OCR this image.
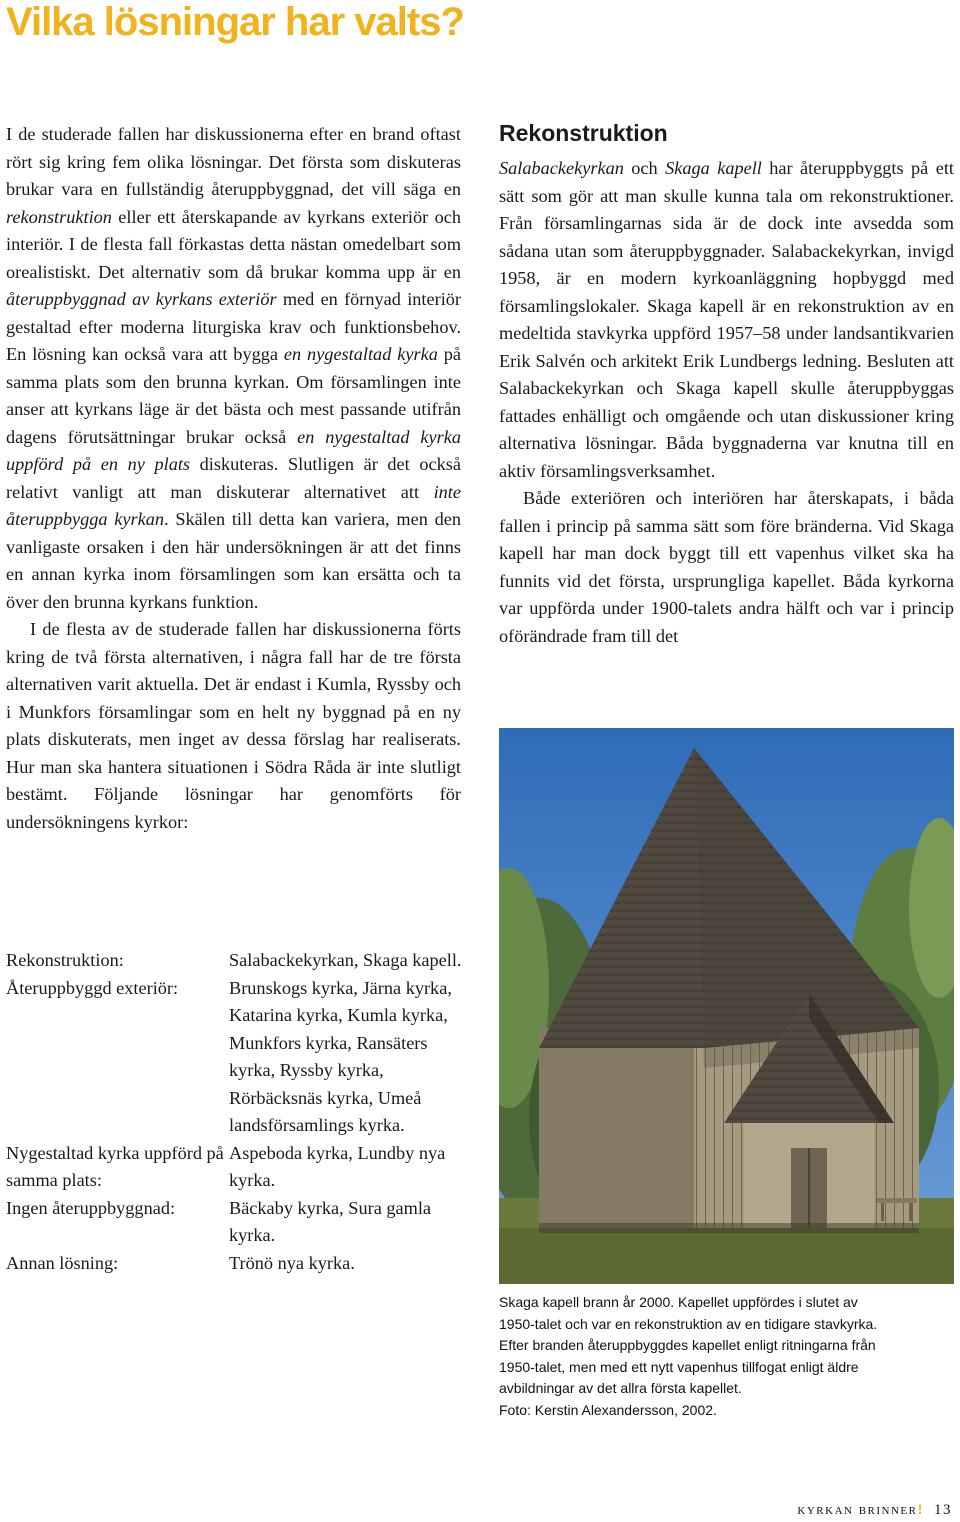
Vilka lösningar har valts?

I de studerade fallen har diskussionerna efter en brand oftast rört sig kring fem olika lösningar. Det första som diskuteras brukar vara en fullständig återuppbyggnad, det vill säga en rekonstruktion eller ett återskapande av kyrkans exteriör och interiör. I de flesta fall förkastas detta nästan omedelbart som orealistiskt. Det alternativ som då brukar komma upp är en återuppbyggnad av kyrkans exteriör med en förnyad interiör gestaltad efter moderna liturgiska krav och funktionsbehov. En lösning kan också vara att bygga en nygestaltad kyrka på samma plats som den brunna kyrkan. Om församlingen inte anser att kyrkans läge är det bästa och mest passande utifrån dagens förutsättningar brukar också en nygestaltad kyrka uppförd på en ny plats diskuteras. Slutligen är det också relativt vanligt att man diskuterar alternativet att inte återuppbygga kyrkan. Skälen till detta kan variera, men den vanligaste orsaken i den här undersökningen är att det finns en annan kyrka inom församlingen som kan ersätta och ta över den brunna kyrkans funktion.

I de flesta av de studerade fallen har diskussionerna förts kring de två första alternativen, i några fall har de tre första alternativen varit aktuella. Det är endast i Kumla, Ryssby och i Munkfors församlingar som en helt ny byggnad på en ny plats diskuterats, men inget av dessa förslag har realiserats. Hur man ska hantera situationen i Södra Råda är inte slutligt bestämt. Följande lösningar har genomförts för undersökningens kyrkor:

Rekonstruktion

Salabackekyrkan och Skaga kapell har återuppbyggts på ett sätt som gör att man skulle kunna tala om rekonstruktioner. Från församlingarnas sida är de dock inte avsedda som sådana utan som återuppbyggnader. Salabackekyrkan, invigd 1958, är en modern kyrkoanläggning hopbyggd med församlingslokaler. Skaga kapell är en rekonstruktion av en medeltida stavkyrka uppförd 1957–58 under landsantikvarien Erik Salvén och arkitekt Erik Lundbergs ledning. Besluten att Salabackekyrkan och Skaga kapell skulle återuppbyggas fattades enhälligt och omgående och utan diskussioner kring alternativa lösningar. Båda byggnaderna var knutna till en aktiv församlingsverksamhet.

Både exteriören och interiören har återskapats, i båda fallen i princip på samma sätt som före bränderna. Vid Skaga kapell har man dock byggt till ett vapenhus vilket ska ha funnits vid det första, ursprungliga kapellet. Båda kyrkorna var uppförda under 1900-talets andra hälft och var i princip oförändrade fram till det

Rekonstruktion:	Salabackekyrkan, Skaga kapell.
Återuppbyggd exteriör:	Brunskogs kyrka, Järna kyrka, Katarina kyrka, Kumla kyrka, Munkfors kyrka, Ransäters kyrka, Ryssby kyrka, Rörbäcksnäs kyrka, Umeå landsförsamlings kyrka.
Nygestaltad kyrka uppförd på samma plats:
Aspeboda kyrka, Lundby nya kyrka.
Ingen återuppbyggnad:	Bäckaby kyrka, Sura gamla kyrka.
Annan lösning:	Trönö nya kyrka.
Skaga kapell brann år 2000. Kapellet uppfördes i slutet av
1950-talet och var en rekonstruktion av en tidigare stavkyrka.
Efter branden återuppbyggdes kapellet enligt ritningarna från
1950-talet, men med ett nytt vapenhus tillfogat enligt äldre
avbildningar av det allra första kapellet.
Foto: Kerstin Alexandersson, 2002.
kyrkan brinner! 13
